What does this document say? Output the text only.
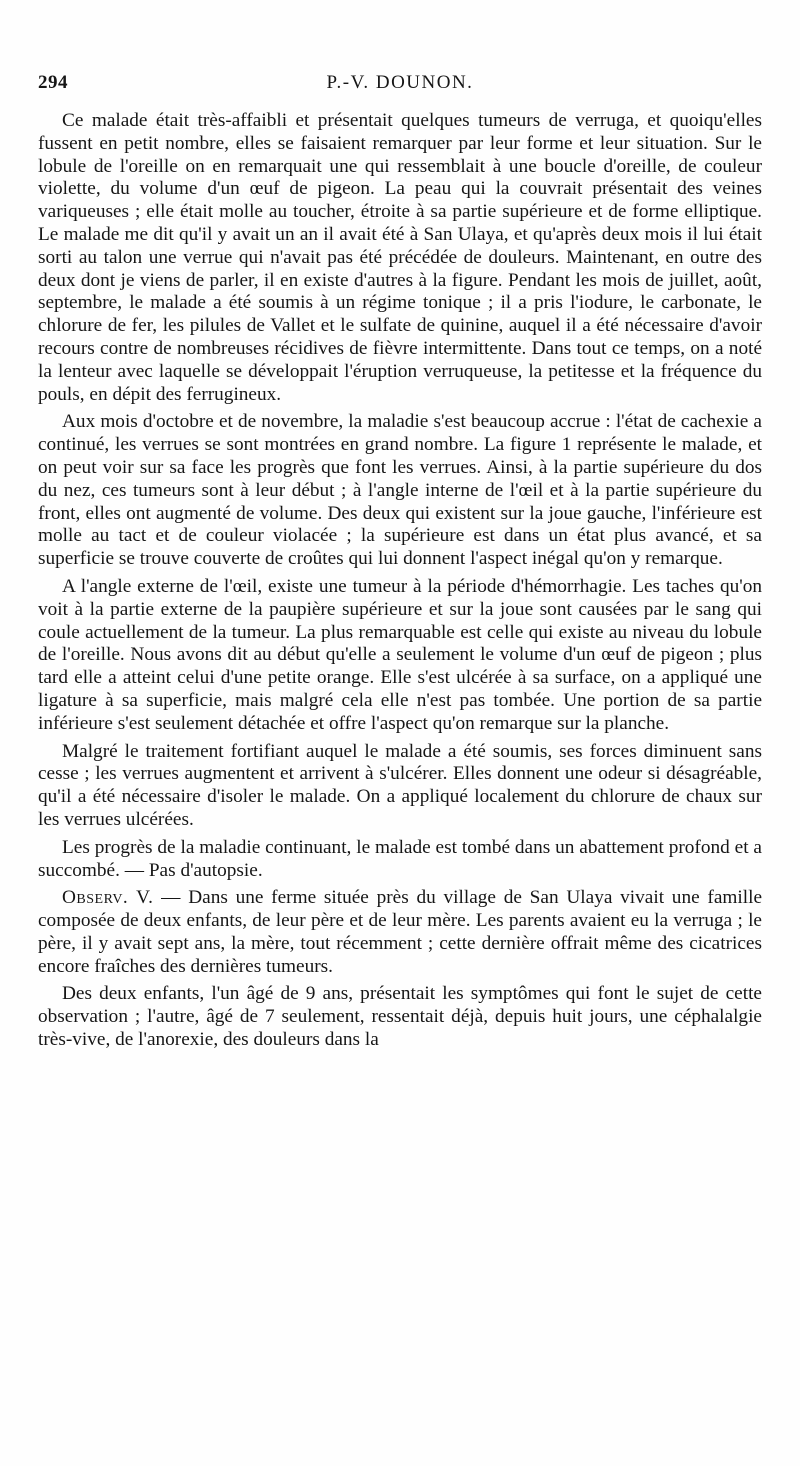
294	P.-V. DOUNON.

Ce malade était très-affaibli et présentait quelques tumeurs de verruga, et quoiqu'elles fussent en petit nombre, elles se faisaient remarquer par leur forme et leur situation. Sur le lobule de l'oreille on en remarquait une qui ressemblait à une boucle d'oreille, de couleur violette, du volume d'un œuf de pigeon. La peau qui la couvrait présentait des veines variqueuses ; elle était molle au toucher, étroite à sa partie supérieure et de forme elliptique. Le malade me dit qu'il y avait un an il avait été à San Ulaya, et qu'après deux mois il lui était sorti au talon une verrue qui n'avait pas été précédée de douleurs. Maintenant, en outre des deux dont je viens de parler, il en existe d'autres à la figure. Pendant les mois de juillet, août, septembre, le malade a été soumis à un régime tonique ; il a pris l'iodure, le carbonate, le chlorure de fer, les pilules de Vallet et le sulfate de quinine, auquel il a été nécessaire d'avoir recours contre de nombreuses récidives de fièvre intermittente. Dans tout ce temps, on a noté la lenteur avec laquelle se développait l'éruption verruqueuse, la petitesse et la fréquence du pouls, en dépit des ferrugineux.

Aux mois d'octobre et de novembre, la maladie s'est beaucoup accrue : l'état de cachexie a continué, les verrues se sont montrées en grand nombre. La figure 1 représente le malade, et on peut voir sur sa face les progrès que font les verrues. Ainsi, à la partie supérieure du dos du nez, ces tumeurs sont à leur début ; à l'angle interne de l'œil et à la partie supérieure du front, elles ont augmenté de volume. Des deux qui existent sur la joue gauche, l'inférieure est molle au tact et de couleur violacée ; la supérieure est dans un état plus avancé, et sa superficie se trouve couverte de croûtes qui lui donnent l'aspect inégal qu'on y remarque.

A l'angle externe de l'œil, existe une tumeur à la période d'hémorrhagie. Les taches qu'on voit à la partie externe de la paupière supérieure et sur la joue sont causées par le sang qui coule actuellement de la tumeur. La plus remarquable est celle qui existe au niveau du lobule de l'oreille. Nous avons dit au début qu'elle a seulement le volume d'un œuf de pigeon ; plus tard elle a atteint celui d'une petite orange. Elle s'est ulcérée à sa surface, on a appliqué une ligature à sa superficie, mais malgré cela elle n'est pas tombée. Une portion de sa partie inférieure s'est seulement détachée et offre l'aspect qu'on remarque sur la planche.

Malgré le traitement fortifiant auquel le malade a été soumis, ses forces diminuent sans cesse ; les verrues augmentent et arrivent à s'ulcérer. Elles donnent une odeur si désagréable, qu'il a été nécessaire d'isoler le malade. On a appliqué localement du chlorure de chaux sur les verrues ulcérées.

Les progrès de la maladie continuant, le malade est tombé dans un abattement profond et a succombé. — Pas d'autopsie.

Observ. V. — Dans une ferme située près du village de San Ulaya vivait une famille composée de deux enfants, de leur père et de leur mère. Les parents avaient eu la verruga ; le père, il y avait sept ans, la mère, tout récemment ; cette dernière offrait même des cicatrices encore fraîches des dernières tumeurs.

Des deux enfants, l'un âgé de 9 ans, présentait les symptômes qui font le sujet de cette observation ; l'autre, âgé de 7 seulement, ressentait déjà, depuis huit jours, une céphalalgie très-vive, de l'anorexie, des douleurs dans la
